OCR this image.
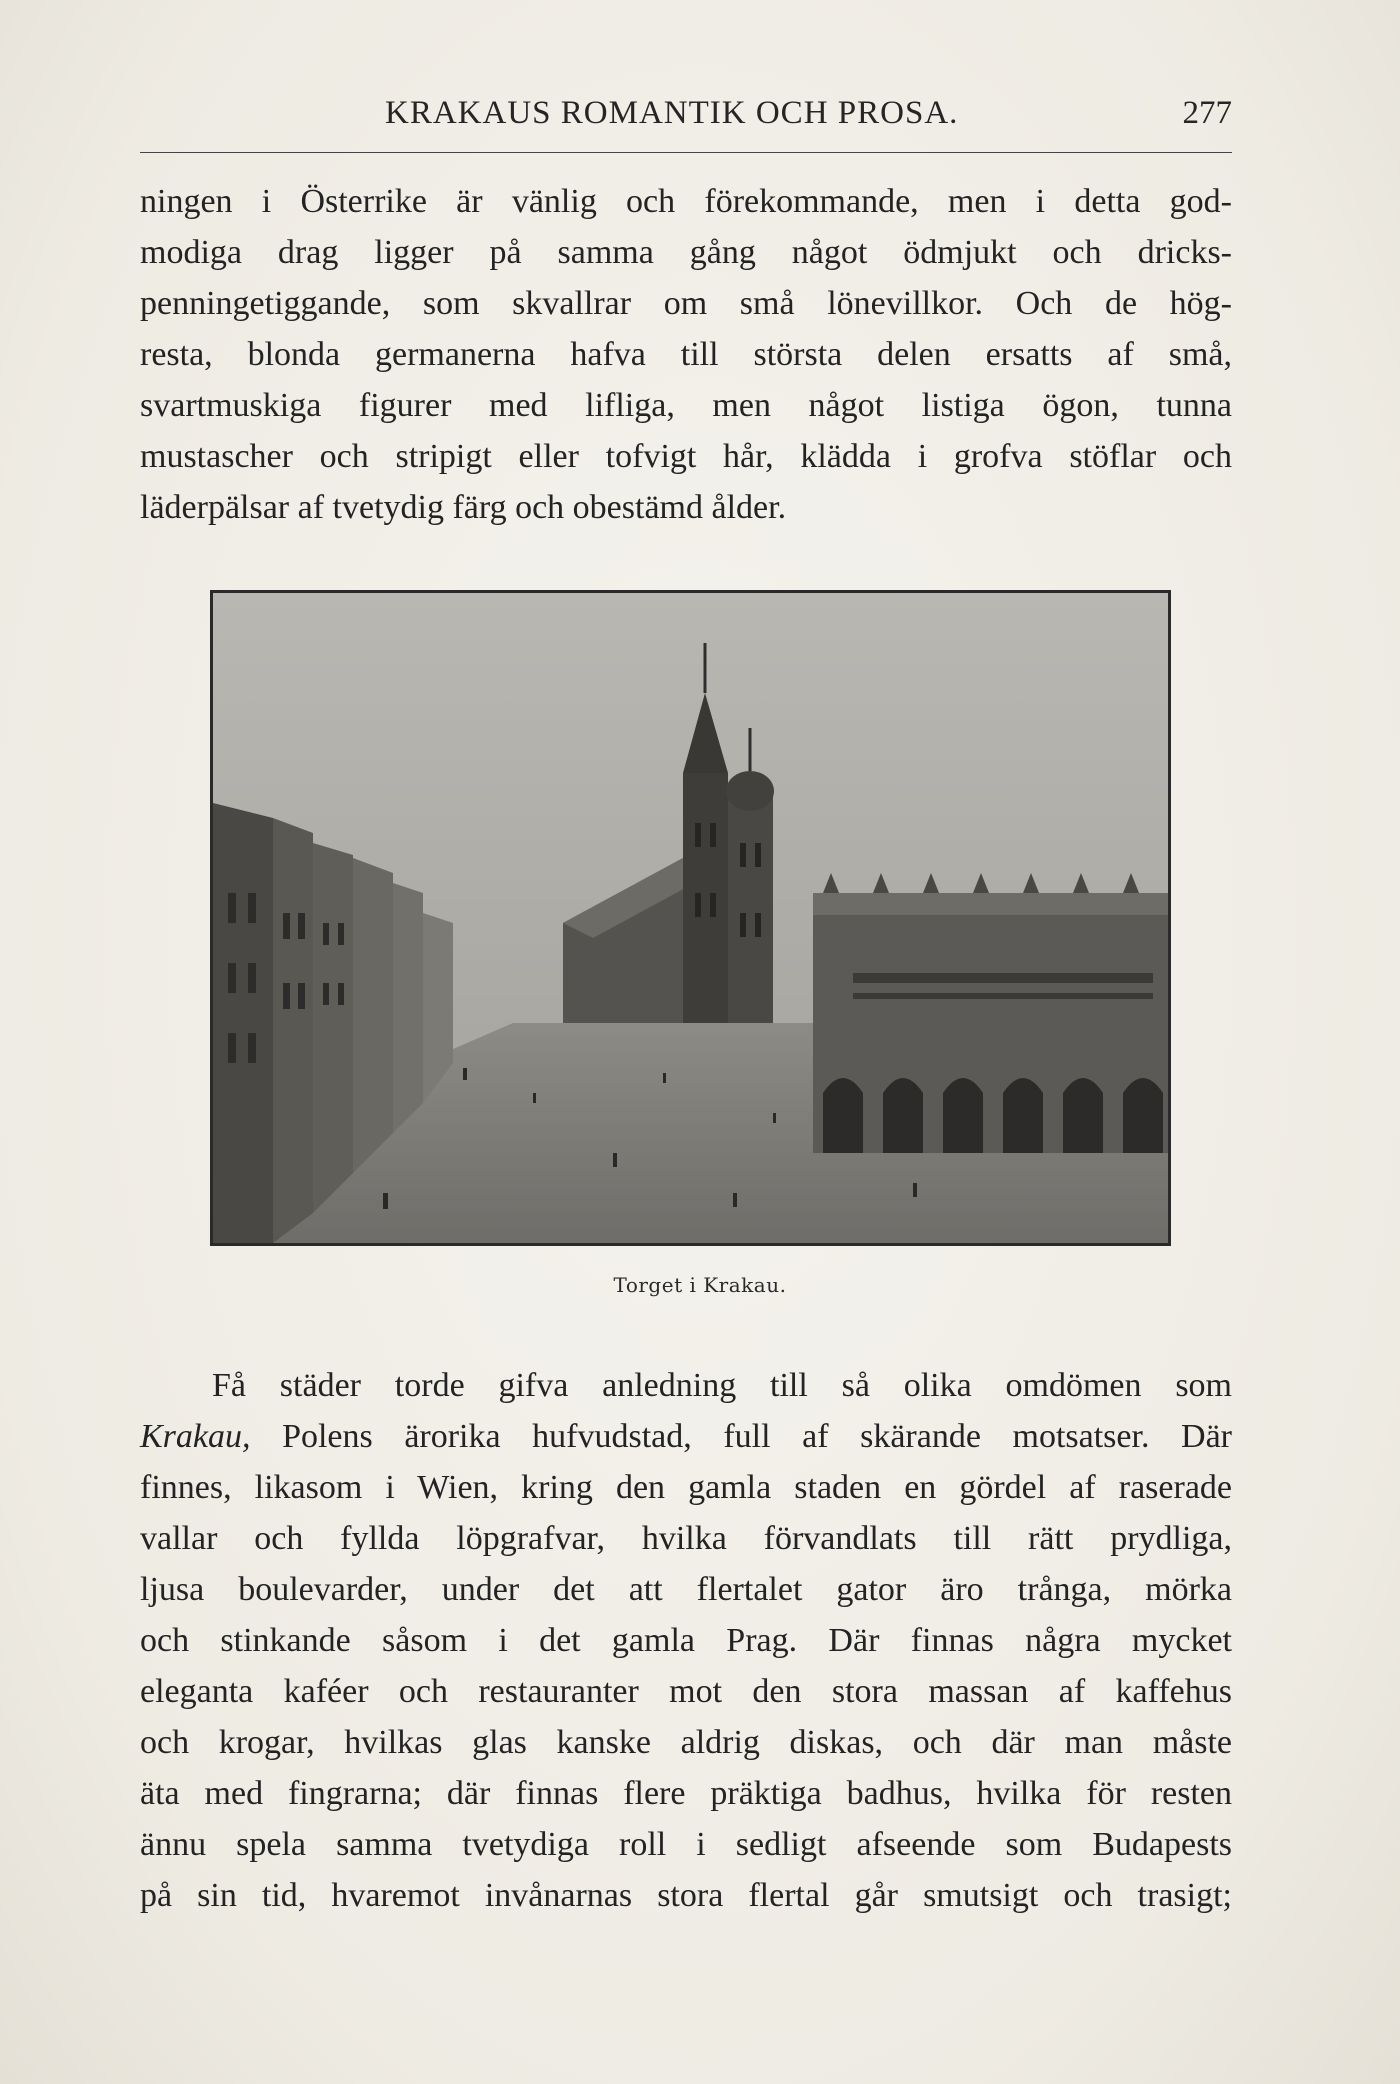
KRAKAUS ROMANTIK OCH PROSA.	277
ningen i Österrike är vänlig och förekommande, men i detta god-
modiga drag ligger på samma gång något ödmjukt och dricks-
penningetiggande, som skvallrar om små lönevillkor. Och de hög-
resta, blonda germanerna hafva till största delen ersatts af små,
svartmuskiga figurer med lifliga, men något listiga ögon, tunna
mustascher och stripigt eller tofvigt hår, klädda i grofva stöflar och
läderpälsar af tvetydig färg och obestämd ålder.
Torget i Krakau.
Få städer torde gifva anledning till så olika omdömen som
Krakau, Polens ärorika hufvudstad, full af skärande motsatser. Där
finnes, likasom i Wien, kring den gamla staden en gördel af raserade
vallar och fyllda löpgrafvar, hvilka förvandlats till rätt prydliga,
ljusa boulevarder, under det att flertalet gator äro trånga, mörka
och stinkande såsom i det gamla Prag. Där finnas några mycket
eleganta kaféer och restauranter mot den stora massan af kaffehus
och krogar, hvilkas glas kanske aldrig diskas, och där man måste
äta med fingrarna; där finnas flere präktiga badhus, hvilka för resten
ännu spela samma tvetydiga roll i sedligt afseende som Budapests
på sin tid, hvaremot invånarnas stora flertal går smutsigt och trasigt;
